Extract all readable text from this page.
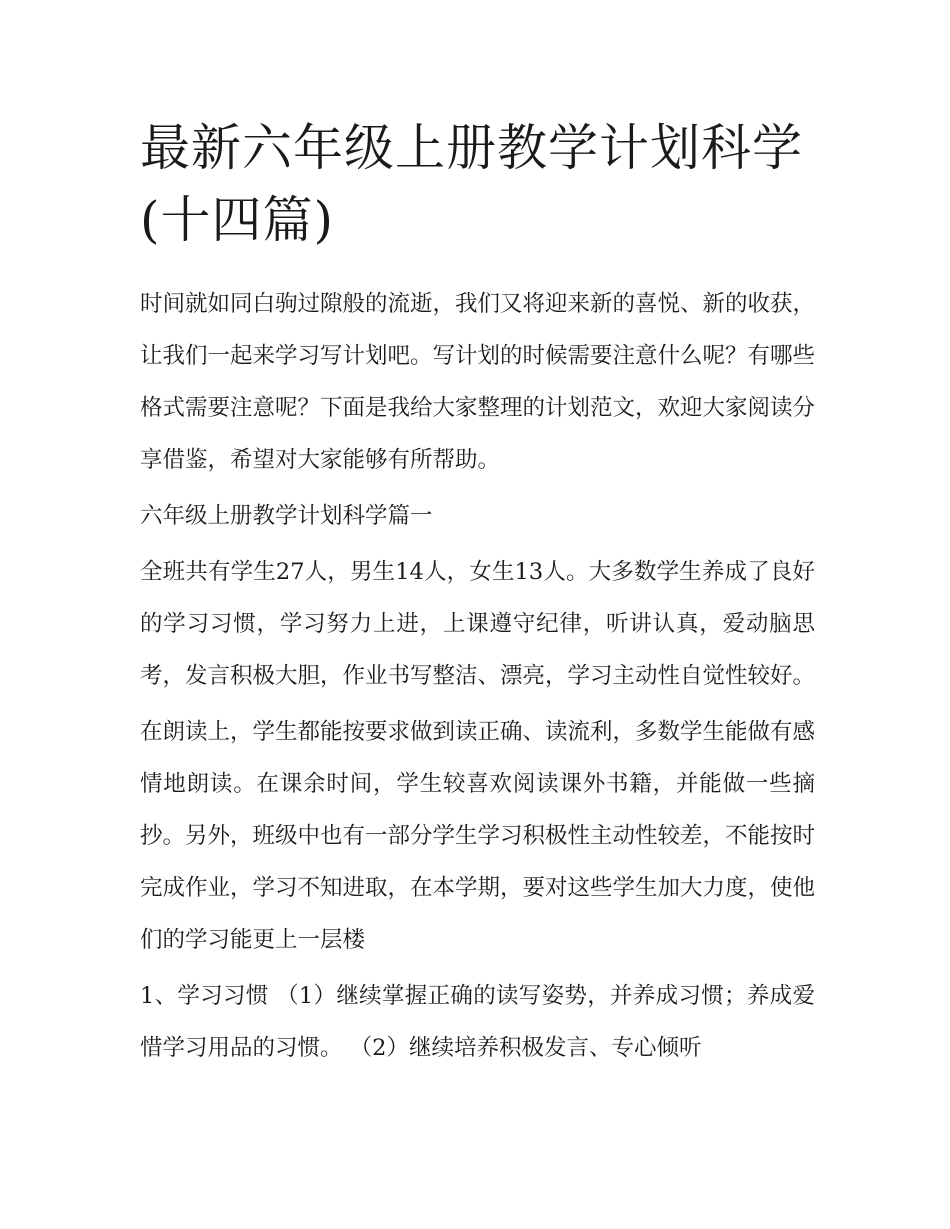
最新六年级上册教学计划科学(十四篇)

时间就如同白驹过隙般的流逝，我们又将迎来新的喜悦、新的收获，让我们一起来学习写计划吧。写计划的时候需要注意什么呢？有哪些格式需要注意呢？下面是我给大家整理的计划范文，欢迎大家阅读分享借鉴，希望对大家能够有所帮助。

六年级上册教学计划科学篇一

全班共有学生27人，男生14人，女生13人。大多数学生养成了良好的学习习惯，学习努力上进，上课遵守纪律，听讲认真，爱动脑思考，发言积极大胆，作业书写整洁、漂亮，学习主动性自觉性较好。

在朗读上，学生都能按要求做到读正确、读流利，多数学生能做有感情地朗读。在课余时间，学生较喜欢阅读课外书籍，并能做一些摘抄。另外，班级中也有一部分学生学习积极性主动性较差，不能按时完成作业，学习不知进取，在本学期，要对这些学生加大力度，使他们的学习能更上一层楼

1、学习习惯 （1）继续掌握正确的读写姿势，并养成习惯；养成爱惜学习用品的习惯。 （2）继续培养积极发言、专心倾听
